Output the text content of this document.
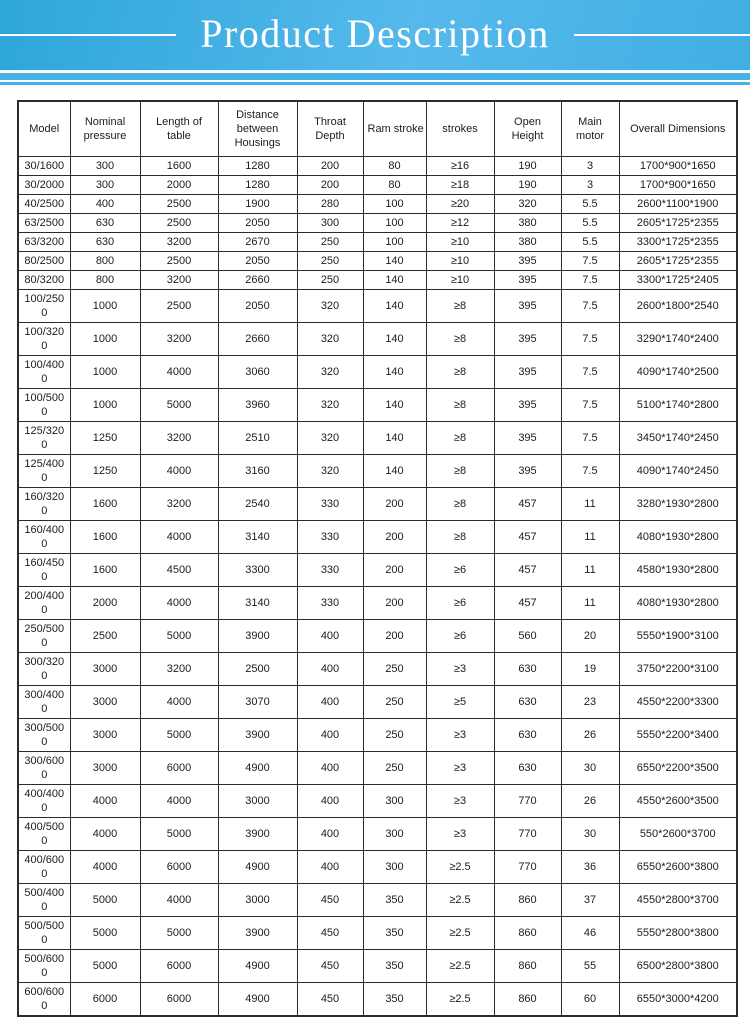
Product Description
Model	Nominal pressure	Length of table	Distance between Housings	Throat Depth	Ram stroke	strokes	Open Height	Main motor	Overall Dimensions
30/1600	300	1600	1280	200	80	≥16	190	3	1700*900*1650
30/2000	300	2000	1280	200	80	≥18	190	3	1700*900*1650
40/2500	400	2500	1900	280	100	≥20	320	5.5	2600*1100*1900
63/2500	630	2500	2050	300	100	≥12	380	5.5	2605*1725*2355
63/3200	630	3200	2670	250	100	≥10	380	5.5	3300*1725*2355
80/2500	800	2500	2050	250	140	≥10	395	7.5	2605*1725*2355
80/3200	800	3200	2660	250	140	≥10	395	7.5	3300*1725*2405
100/2500	1000	2500	2050	320	140	≥8	395	7.5	2600*1800*2540
100/3200	1000	3200	2660	320	140	≥8	395	7.5	3290*1740*2400
100/4000	1000	4000	3060	320	140	≥8	395	7.5	4090*1740*2500
100/5000	1000	5000	3960	320	140	≥8	395	7.5	5100*1740*2800
125/3200	1250	3200	2510	320	140	≥8	395	7.5	3450*1740*2450
125/4000	1250	4000	3160	320	140	≥8	395	7.5	4090*1740*2450
160/3200	1600	3200	2540	330	200	≥8	457	11	3280*1930*2800
160/4000	1600	4000	3140	330	200	≥8	457	11	4080*1930*2800
160/4500	1600	4500	3300	330	200	≥6	457	11	4580*1930*2800
200/4000	2000	4000	3140	330	200	≥6	457	11	4080*1930*2800
250/5000	2500	5000	3900	400	200	≥6	560	20	5550*1900*3100
300/3200	3000	3200	2500	400	250	≥3	630	19	3750*2200*3100
300/4000	3000	4000	3070	400	250	≥5	630	23	4550*2200*3300
300/5000	3000	5000	3900	400	250	≥3	630	26	5550*2200*3400
300/6000	3000	6000	4900	400	250	≥3	630	30	6550*2200*3500
400/4000	4000	4000	3000	400	300	≥3	770	26	4550*2600*3500
400/5000	4000	5000	3900	400	300	≥3	770	30	550*2600*3700
400/6000	4000	6000	4900	400	300	≥2.5	770	36	6550*2600*3800
500/4000	5000	4000	3000	450	350	≥2.5	860	37	4550*2800*3700
500/5000	5000	5000	3900	450	350	≥2.5	860	46	5550*2800*3800
500/6000	5000	6000	4900	450	350	≥2.5	860	55	6500*2800*3800
600/6000	6000	6000	4900	450	350	≥2.5	860	60	6550*3000*4200
